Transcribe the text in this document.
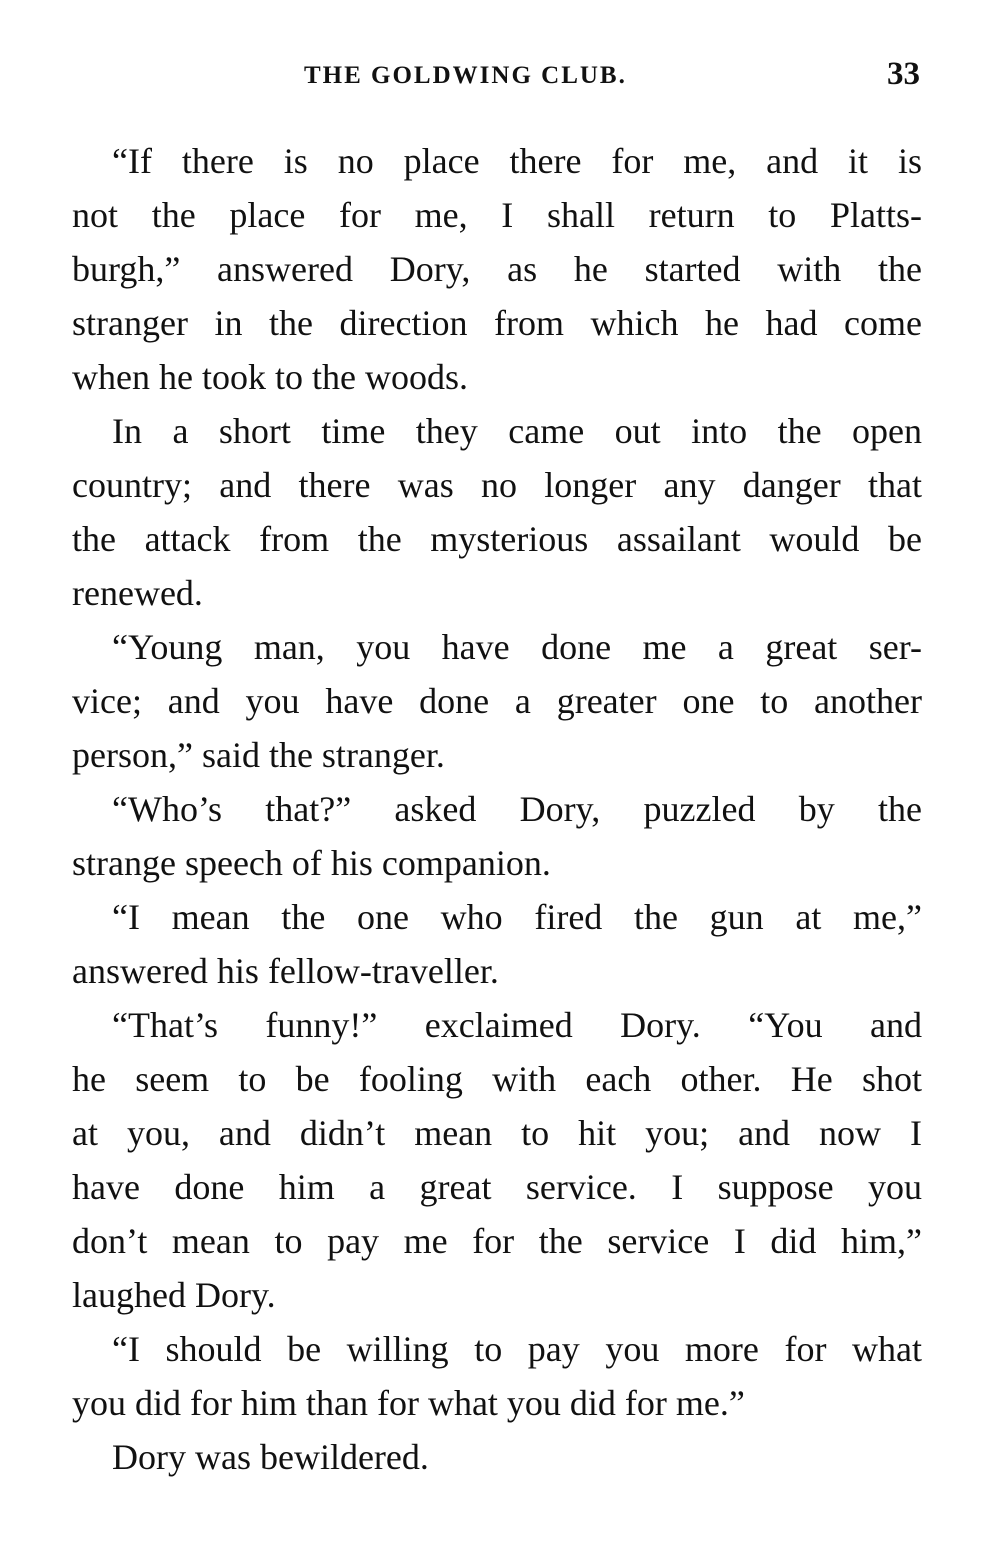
THE GOLDWING CLUB.	33
“If there is no place there for me, and it is
not the place for me, I shall return to Platts-
burgh,” answered Dory, as he started with the
stranger in the direction from which he had come
when he took to the woods.
In a short time they came out into the open
country; and there was no longer any danger that
the attack from the mysterious assailant would be
renewed.
“Young man, you have done me a great ser-
vice; and you have done a greater one to another
person,” said the stranger.
“Who’s that?” asked Dory, puzzled by the
strange speech of his companion.
“I mean the one who fired the gun at me,”
answered his fellow-traveller.
“That’s funny!” exclaimed Dory. “You and
he seem to be fooling with each other. He shot
at you, and didn’t mean to hit you; and now I
have done him a great service. I suppose you
don’t mean to pay me for the service I did him,”
laughed Dory.
“I should be willing to pay you more for what
you did for him than for what you did for me.”
Dory was bewildered.
